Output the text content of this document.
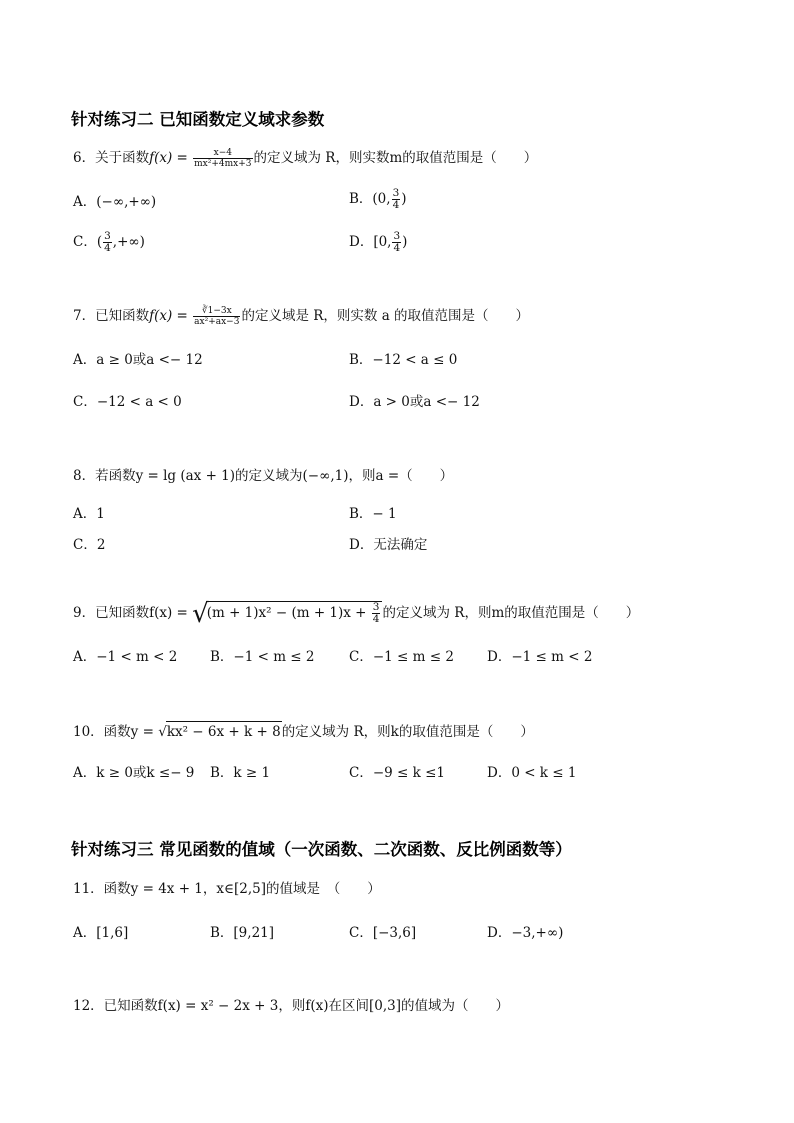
针对练习二 已知函数定义域求参数
6．关于函数$f(x) = \frac{x-4}{\text{mx²+4mx+3}}$ 的定义域为 R，则实数m的取值范围是（　　）
A．(−∞,+∞)	B．(0, $\frac{3}{4}$ )
C．( $\frac{3}{4}$ ,+∞)	D．[0, $\frac{3}{4}$ )
7．已知函数$f(x) = \frac{∛1-3x}{\text{ax²+ax−3}}$ 的定义域是 R，则实数 a 的取值范围是（　　）
A．a ≥ 0或a <− 12	B．−12 < a ≤ 0
C．−12 < a < 0	D．a > 0或a <− 12
8．若函数y = lg (ax + 1)的定义域为(−∞,1)，则a =（　　）
A．1	B．− 1
C．2	D．无法确定
9．已知函数$f(x) = √(m + 1)x^2 - (m + 1)x + \frac{3}{4}$ 的定义域为 R，则m的取值范围是（　　）
A．−1 < m < 2 B．−1 < m ≤ 2	C．−1 ≤ m ≤ 2 D．−1 ≤ m < 2
10．函数y = √kx² − 6x + k + 8的定义域为 R，则k的取值范围是（　　）
A．k ≥ 0或k ≤− 9 B．k ≥ 1	C．−9 ≤ k ≤1	D．0 < k ≤ 1
针对练习三 常见函数的值域（一次函数、二次函数、反比例函数等）
11．函数y = 4x + 1，x∈[2,5]的值域是　（　　）
A．[1,6]	B．[9,21]	C．[−3,6]	D．−3,+∞)
12．已知函数f(x) = x² − 2x + 3，则f(x)在区间[0,3]的值域为（　　）
